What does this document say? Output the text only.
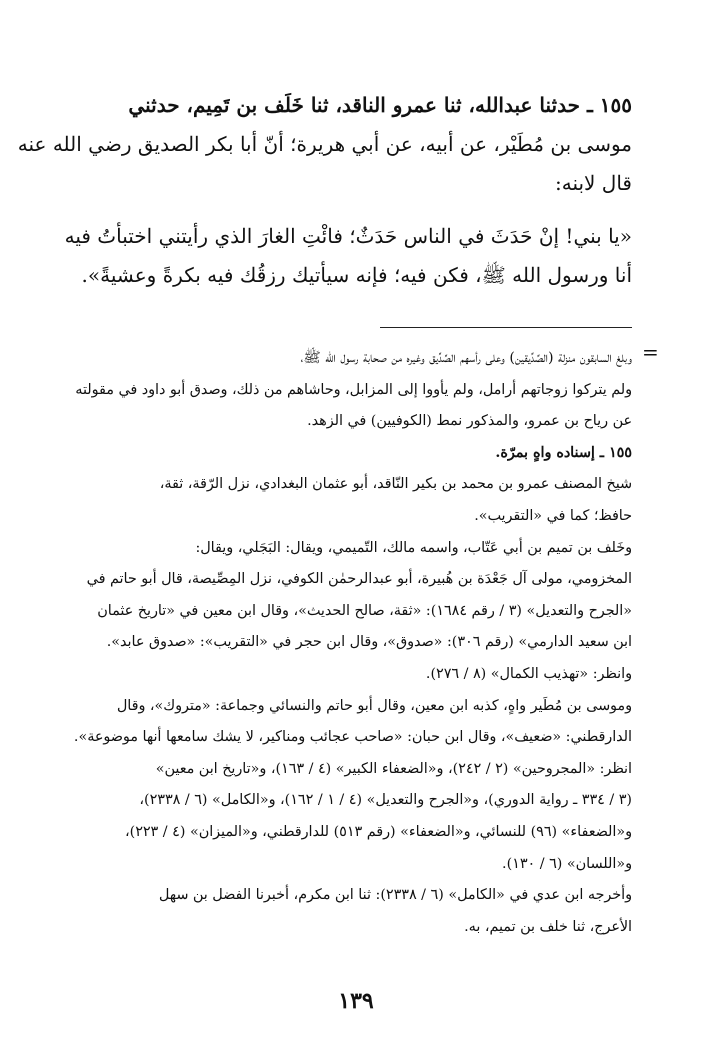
١٥٥ ـ حدثنا عبدالله، ثنا عمرو الناقد، ثنا خَلَف بن تَمِيم، حدثني

موسى بن مُطَيْر، عن أبيه، عن أبي هريرة؛ أنّ أبا بكر الصديق رضي الله عنه

قال لابنه:

«يا بني! إنْ حَدَثَ في الناس حَدَثٌ؛ فائْتِ الغارَ الذي رأيتني اختبأتُ فيه

أنا ورسول الله ﷺ، فكن فيه؛ فإنه سيأتيك رزقُك فيه بكرةً وعشيةً».

=

وبلغ السابقون منزلة (الصِّدِّيقين) وعلى رأسهم الصِّدِّيق وغيره من صحابة رسول الله ﷺ،

ولم يتركوا زوجاتهم أرامل، ولم يأووا إلى المزابل، وحاشاهم من ذلك، وصدق أبو داود في مقولته

عن رياح بن عمرو، والمذكور نمط (الكوفيين) في الزهد.

١٥٥ ـ إسناده واهٍ بمرّة.

شيخ المصنف عمرو بن محمد بن بكير النّاقد، أبو عثمان البغدادي، نزل الرّقة، ثقة،

حافظ؛ كما في «التقريب».

وخَلف بن تميم بن أبي عَتّاب، واسمه مالك، التّميمي، ويقال: البَجَلي، ويقال:

المخزومي، مولى آل جَعْدَة بن هُبيرة، أبو عبدالرحمٰن الكوفي، نزل المِصِّيصة، قال أبو حاتم في

«الجرح والتعديل» (٣ / رقم ١٦٨٤): «ثقة، صالح الحديث»، وقال ابن معين في «تاريخ عثمان

ابن سعيد الدارمي» (رقم ٣٠٦): «صدوق»، وقال ابن حجر في «التقريب»: «صدوق عابد».

وانظر: «تهذيب الكمال» (٨ / ٢٧٦).

وموسى بن مُطَير واهٍ، كذبه ابن معين، وقال أبو حاتم والنسائي وجماعة: «متروك»، وقال

الدارقطني: «ضعيف»، وقال ابن حبان: «صاحب عجائب ومناكير، لا يشك سامعها أنها موضوعة».

انظر: «المجروحين» (٢ / ٢٤٢)، و«الضعفاء الكبير» (٤ / ١٦٣)، و«تاريخ ابن معين»

(٣ / ٣٣٤ ـ رواية الدوري)، و«الجرح والتعديل» (٤ / ١ / ١٦٢)، و«الكامل» (٦ / ٢٣٣٨)،

و«الضعفاء» (٩٦) للنسائي، و«الضعفاء» (رقم ٥١٣) للدارقطني، و«الميزان» (٤ / ٢٢٣)،

و«اللسان» (٦ / ١٣٠).

وأخرجه ابن عدي في «الكامل» (٦ / ٢٣٣٨): ثنا ابن مكرم، أخبرنا الفضل بن سهل

الأعرج، ثنا خلف بن تميم، به.

١٣٩
